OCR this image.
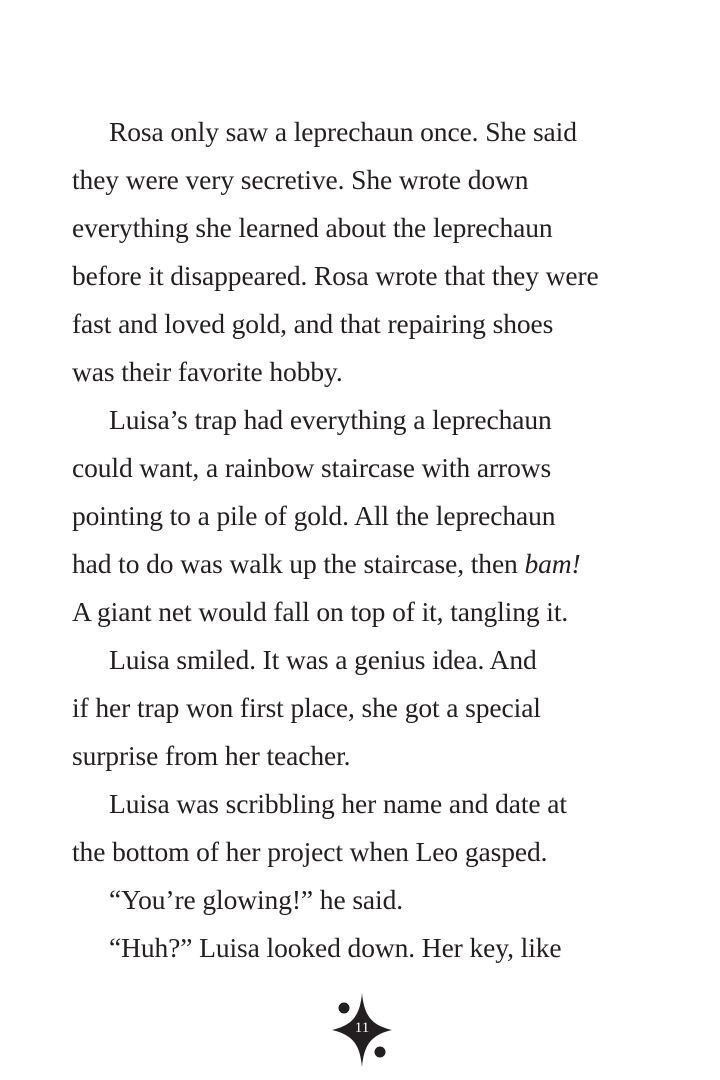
Rosa only saw a leprechaun once. She said
they were very secretive. She wrote down
everything she learned about the leprechaun
before it disappeared. Rosa wrote that they were
fast and loved gold, and that repairing shoes
was their favorite hobby.
Luisa’s trap had everything a leprechaun
could want, a rainbow staircase with arrows
pointing to a pile of gold. All the leprechaun
had to do was walk up the staircase, then bam!
A giant net would fall on top of it, tangling it.
Luisa smiled. It was a genius idea. And
if her trap won first place, she got a special
surprise from her teacher.
Luisa was scribbling her name and date at
the bottom of her project when Leo gasped.
“You’re glowing!” he said.
“Huh?” Luisa looked down. Her key, like
11
